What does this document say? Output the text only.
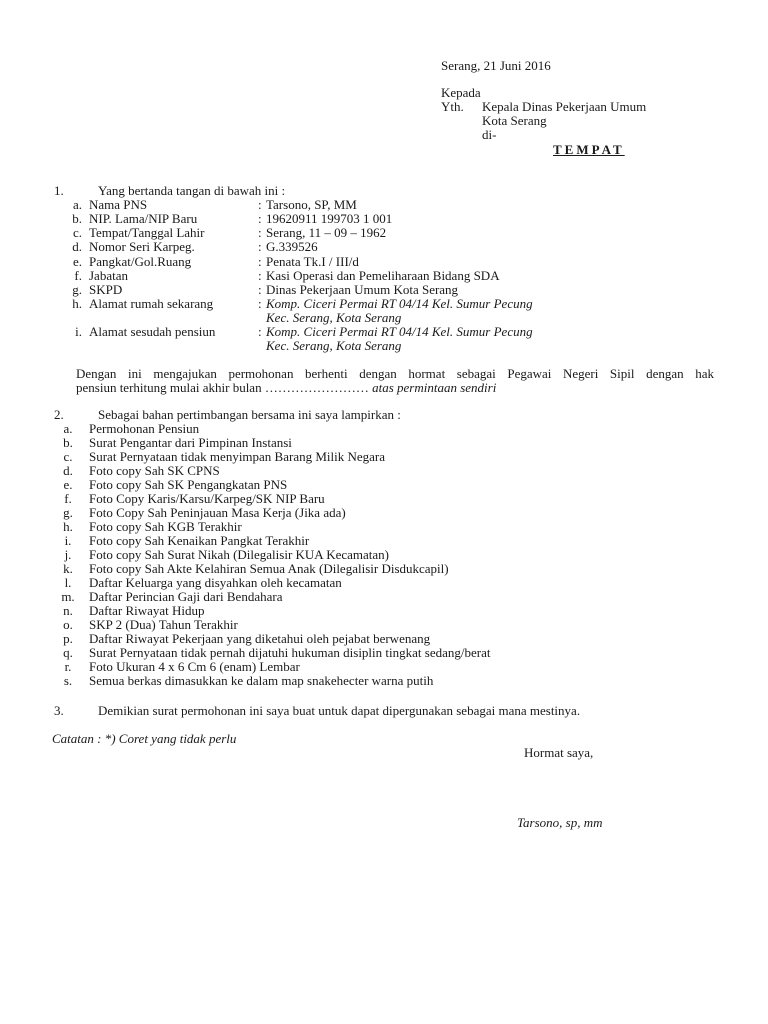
Serang, 21 Juni 2016
Kepada
Yth. Kepala Dinas Pekerjaan Umum
Kota Serang
di-
TEMPAT
1.	Yang bertanda tangan di bawah ini :
a. Nama PNS	: Tarsono, SP, MM
b. NIP. Lama/NIP Baru	: 19620911 199703 1 001
c. Tempat/Tanggal Lahir	: Serang, 11 – 09 – 1962
d. Nomor Seri Karpeg.	: G.339526
e. Pangkat/Gol.Ruang	: Penata Tk.I / III/d
f. Jabatan	: Kasi Operasi dan Pemeliharaan Bidang SDA
g. SKPD	: Dinas Pekerjaan Umum Kota Serang
h. Alamat rumah sekarang	: Komp. Ciceri Permai RT 04/14 Kel. Sumur Pecung
Kec. Serang, Kota Serang
i. Alamat sesudah pensiun	: Komp. Ciceri Permai RT 04/14 Kel. Sumur Pecung
Kec. Serang, Kota Serang
Dengan ini mengajukan permohonan berhenti dengan hormat sebagai Pegawai Negeri Sipil dengan hak
pensiun terhitung mulai akhir bulan …………………… atas permintaan sendiri
2.	Sebagai bahan pertimbangan bersama ini saya lampirkan :
a.	Permohonan Pensiun
b.	Surat Pengantar dari Pimpinan Instansi
c.	Surat Pernyataan tidak menyimpan Barang Milik Negara
d.	Foto copy Sah SK CPNS
e.	Foto copy Sah SK Pengangkatan PNS
f.	Foto Copy Karis/Karsu/Karpeg/SK NIP Baru
g.	Foto Copy Sah Peninjauan Masa Kerja (Jika ada)
h.	Foto copy Sah KGB Terakhir
i.	Foto copy Sah Kenaikan Pangkat Terakhir
j.	Foto copy Sah Surat Nikah (Dilegalisir KUA Kecamatan)
k.	Foto copy Sah Akte Kelahiran Semua Anak (Dilegalisir Disdukcapil)
l.	Daftar Keluarga yang disyahkan oleh kecamatan
m.	Daftar Perincian Gaji dari Bendahara
n.	Daftar Riwayat Hidup
o.	SKP 2 (Dua) Tahun Terakhir
p.	Daftar Riwayat Pekerjaan yang diketahui oleh pejabat berwenang
q.	Surat Pernyataan tidak pernah dijatuhi hukuman disiplin tingkat sedang/berat
r.	Foto Ukuran 4 x 6 Cm 6 (enam) Lembar
s.	Semua berkas dimasukkan ke dalam map snakehecter warna putih
3.	Demikian surat permohonan ini saya buat untuk dapat dipergunakan sebagai mana mestinya.
Catatan : *) Coret yang tidak perlu
Hormat saya,
Tarsono, sp, mm
